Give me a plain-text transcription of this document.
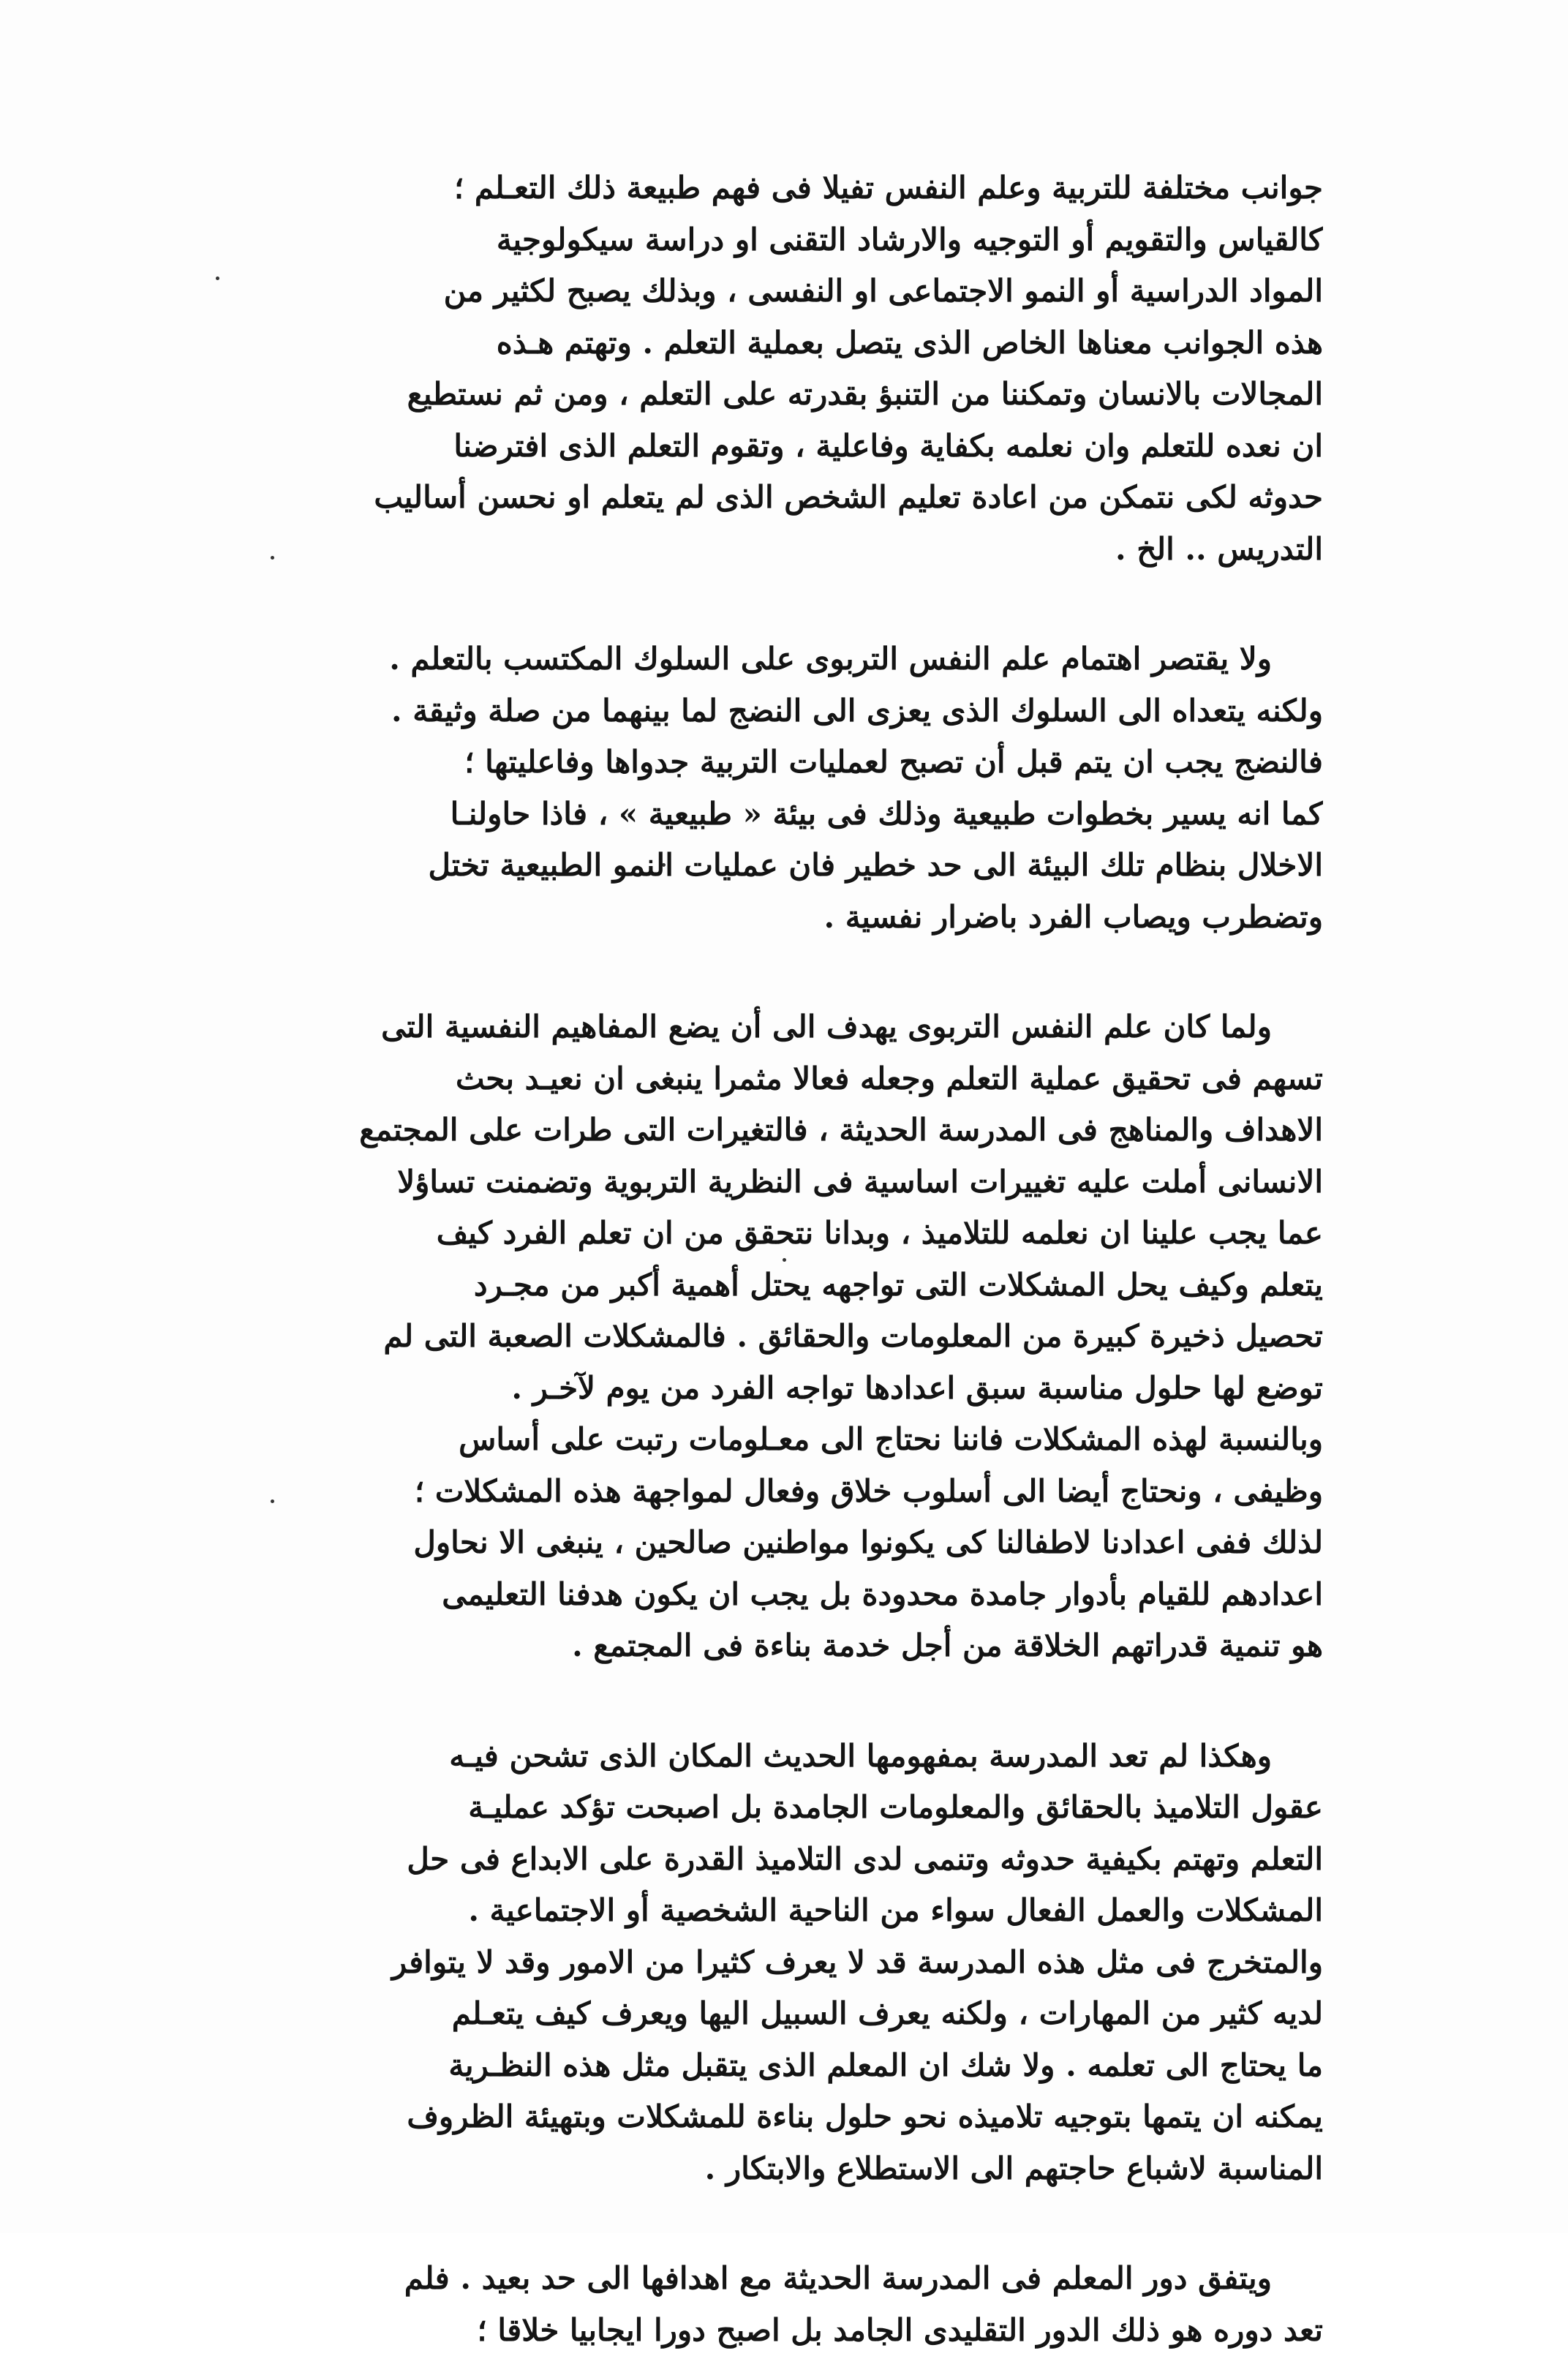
جوانب مختلفة للتربية وعلم النفس تفيلا فى فهم طبيعة ذلك التعـلم ؛
كالقياس والتقويم أو التوجيه والارشاد التقنى او دراسة سيكولوجية
المواد الدراسية أو النمو الاجتماعى او النفسى ، وبذلك يصبح لكثير من
هذه الجوانب معناها الخاص الذى يتصل بعملية التعلم . وتهتم هـذه
المجالات بالانسان وتمكننا من التنبؤ بقدرته على التعلم ، ومن ثم نستطيع
ان نعده للتعلم وان نعلمه بكفاية وفاعلية ، وتقوم التعلم الذى افترضنا
حدوثه لكى نتمكن من اعادة تعليم الشخص الذى لم يتعلم او نحسن أساليب
التدريس .. الخ .

ولا يقتصر اهتمام علم النفس التربوى على السلوك المكتسب بالتعلم .
ولكنه يتعداه الى السلوك الذى يعزى الى النضج لما بينهما من صلة وثيقة .
فالنضج يجب ان يتم قبل أن تصبح لعمليات التربية جدواها وفاعليتها ؛
كما انه يسير بخطوات طبيعية وذلك فى بيئة « طبيعية » ، فاذا حاولنـا
الاخلال بنظام تلك البيئة الى حد خطير فان عمليات النمو الطبيعية تختل
وتضطرب ويصاب الفرد باضرار نفسية .

ولما كان علم النفس التربوى يهدف الى أن يضع المفاهيم النفسية التى
تسهم فى تحقيق عملية التعلم وجعله فعالا مثمرا ينبغى ان نعيـد بحث
الاهداف والمناهج فى المدرسة الحديثة ، فالتغيرات التى طرات على المجتمع
الانسانى أملت عليه تغييرات اساسية فى النظرية التربوية وتضمنت تساؤلا
عما يجب علينا ان نعلمه للتلاميذ ، وبدانا نتحقق من ان تعلم الفرد كيف
يتعلم وكيف يحل المشكلات التى تواجهه يحتل أهمية أكبر من مجـرد
تحصيل ذخيرة كبيرة من المعلومات والحقائق . فالمشكلات الصعبة التى لم
توضع لها حلول مناسبة سبق اعدادها تواجه الفرد من يوم لآخـر .
وبالنسبة لهذه المشكلات فاننا نحتاج الى معـلومات رتبت على أساس
وظيفى ، ونحتاج أيضا الى أسلوب خلاق وفعال لمواجهة هذه المشكلات ؛
لذلك ففى اعدادنا لاطفالنا كى يكونوا مواطنين صالحين ، ينبغى الا نحاول
اعدادهم للقيام بأدوار جامدة محدودة بل يجب ان يكون هدفنا التعليمى
هو تنمية قدراتهم الخلاقة من أجل خدمة بناءة فى المجتمع .

وهكذا لم تعد المدرسة بمفهومها الحديث المكان الذى تشحن فيـه
عقول التلاميذ بالحقائق والمعلومات الجامدة بل اصبحت تؤكد عمليـة
التعلم وتهتم بكيفية حدوثه وتنمى لدى التلاميذ القدرة على الابداع فى حل
المشكلات والعمل الفعال سواء من الناحية الشخصية أو الاجتماعية .
والمتخرج فى مثل هذه المدرسة قد لا يعرف كثيرا من الامور وقد لا يتوافر
لديه كثير من المهارات ، ولكنه يعرف السبيل اليها ويعرف كيف يتعـلم
ما يحتاج الى تعلمه . ولا شك ان المعلم الذى يتقبل مثل هذه النظـرية
يمكنه ان يتمها بتوجيه تلاميذه نحو حلول بناءة للمشكلات وبتهيئة الظروف
المناسبة لاشباع حاجتهم الى الاستطلاع والابتكار .

ويتفق دور المعلم فى المدرسة الحديثة مع اهدافها الى حد بعيد . فلم
تعد دوره هو ذلك الدور التقليدى الجامد بل اصبح دورا ايجابيا خلاقا ؛
